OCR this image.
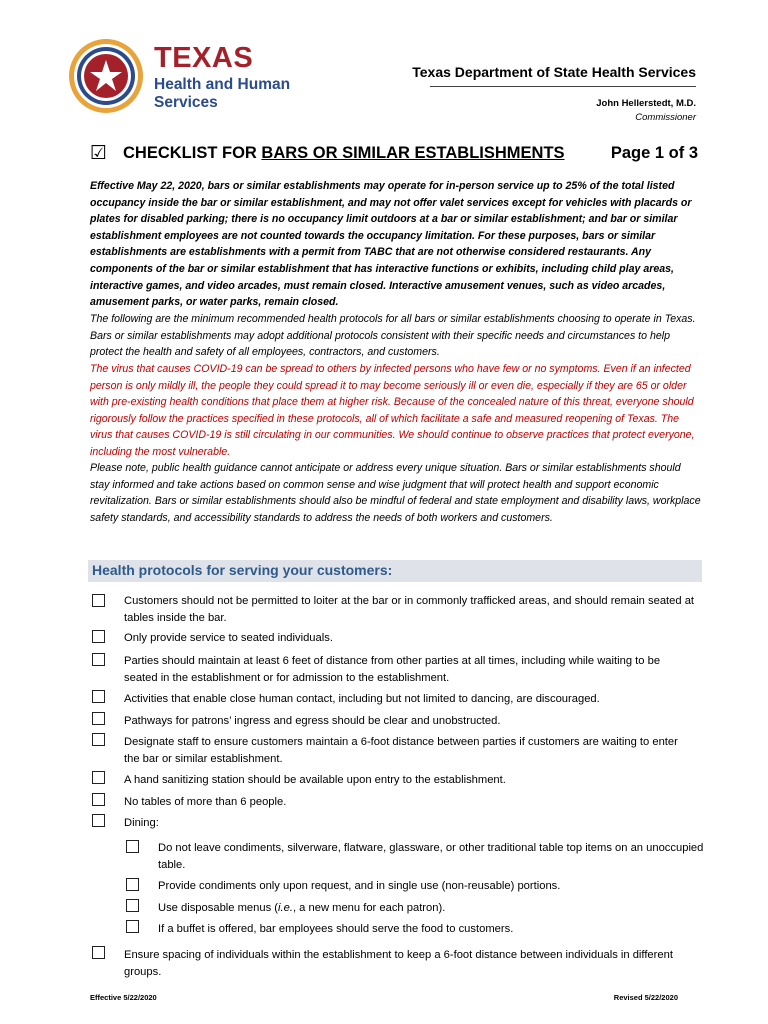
TEXAS
Health and Human
Services
Texas Department of State Health Services
John Hellerstedt, M.D.
Commissioner
☑ CHECKLIST FOR BARS OR SIMILAR ESTABLISHMENTS	Page 1 of 3

Effective May 22, 2020, bars or similar establishments may operate for in-person service up to 25% of the total listed occupancy inside the bar or similar establishment, and may not offer valet services except for vehicles with placards or plates for disabled parking; there is no occupancy limit outdoors at a bar or similar establishment; and bar or similar establishment employees are not counted towards the occupancy limitation. For these purposes, bars or similar establishments are establishments with a permit from TABC that are not otherwise considered restaurants. Any components of the bar or similar establishment that has interactive functions or exhibits, including child play areas, interactive games, and video arcades, must remain closed. Interactive amusement venues, such as video arcades, amusement parks, or water parks, remain closed.

The following are the minimum recommended health protocols for all bars or similar establishments choosing to operate in Texas. Bars or similar establishments may adopt additional protocols consistent with their specific needs and circumstances to help protect the health and safety of all employees, contractors, and customers.

The virus that causes COVID-19 can be spread to others by infected persons who have few or no symptoms. Even if an infected person is only mildly ill, the people they could spread it to may become seriously ill or even die, especially if they are 65 or older with pre-existing health conditions that place them at higher risk. Because of the concealed nature of this threat, everyone should rigorously follow the practices specified in these protocols, all of which facilitate a safe and measured reopening of Texas. The virus that causes COVID-19 is still circulating in our communities. We should continue to observe practices that protect everyone, including the most vulnerable.

Please note, public health guidance cannot anticipate or address every unique situation. Bars or similar establishments should stay informed and take actions based on common sense and wise judgment that will protect health and support economic revitalization. Bars or similar establishments should also be mindful of federal and state employment and disability laws, workplace safety standards, and accessibility standards to address the needs of both workers and customers.

Health protocols for serving your customers:
Customers should not be permitted to loiter at the bar or in commonly trafficked areas, and should remain seated at tables inside the bar.
Only provide service to seated individuals.
Parties should maintain at least 6 feet of distance from other parties at all times, including while waiting to be seated in the establishment or for admission to the establishment.
Activities that enable close human contact, including but not limited to dancing, are discouraged.
Pathways for patrons’ ingress and egress should be clear and unobstructed.
Designate staff to ensure customers maintain a 6-foot distance between parties if customers are waiting to enter the bar or similar establishment.
A hand sanitizing station should be available upon entry to the establishment.
No tables of more than 6 people.
Dining:
Do not leave condiments, silverware, flatware, glassware, or other traditional table top items on an unoccupied table.
Provide condiments only upon request, and in single use (non-reusable) portions.
Use disposable menus (i.e., a new menu for each patron).
If a buffet is offered, bar employees should serve the food to customers.
Ensure spacing of individuals within the establishment to keep a 6-foot distance between individuals in different groups.
Effective 5/22/2020	Revised 5/22/2020
